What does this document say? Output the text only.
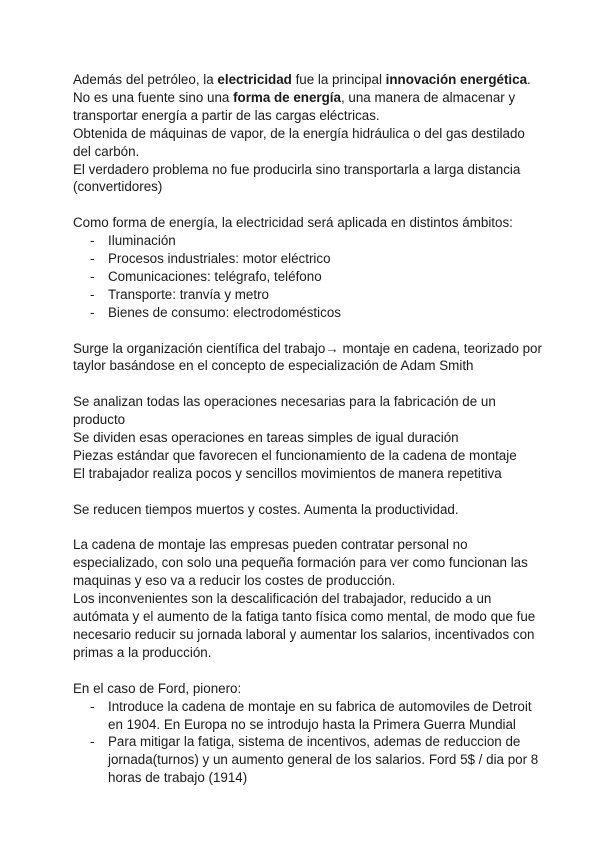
Además del petróleo, la electricidad fue la principal innovación energética.

No es una fuente sino una forma de energía, una manera de almacenar y transportar energía a partir de las cargas eléctricas.

Obtenida de máquinas de vapor, de la energía hidráulica o del gas destilado del carbón.

El verdadero problema no fue producirla sino transportarla a larga distancia (convertidores)

Como forma de energía, la electricidad será aplicada en distintos ámbitos:

- Iluminación
- Procesos industriales: motor eléctrico
- Comunicaciones: telégrafo, teléfono
- Transporte: tranvía y metro
- Bienes de consumo: electrodomésticos

Surge la organización científica del trabajo→ montaje en cadena, teorizado por taylor basándose en el concepto de especialización de Adam Smith

Se analizan todas las operaciones necesarias para la fabricación de un producto

Se dividen esas operaciones en tareas simples de igual duración

Piezas estándar que favorecen el funcionamiento de la cadena de montaje

El trabajador realiza pocos y sencillos movimientos de manera repetitiva

Se reducen tiempos muertos y costes. Aumenta la productividad.

La cadena de montaje las empresas pueden contratar personal no especializado, con solo una pequeña formación para ver como funcionan las maquinas y eso va a reducir los costes de producción.

Los inconvenientes son la descalificación del trabajador, reducido a un autómata y el aumento de la fatiga tanto física como mental, de modo que fue necesario reducir su jornada laboral y aumentar los salarios, incentivados con primas a la producción.

En el caso de Ford, pionero:

- Introduce la cadena de montaje en su fabrica de automoviles de Detroit en 1904. En Europa no se introdujo hasta la Primera Guerra Mundial
- Para mitigar la fatiga, sistema de incentivos, ademas de reduccion de jornada(turnos) y un aumento general de los salarios. Ford 5$ / dia por 8 horas de trabajo (1914)
